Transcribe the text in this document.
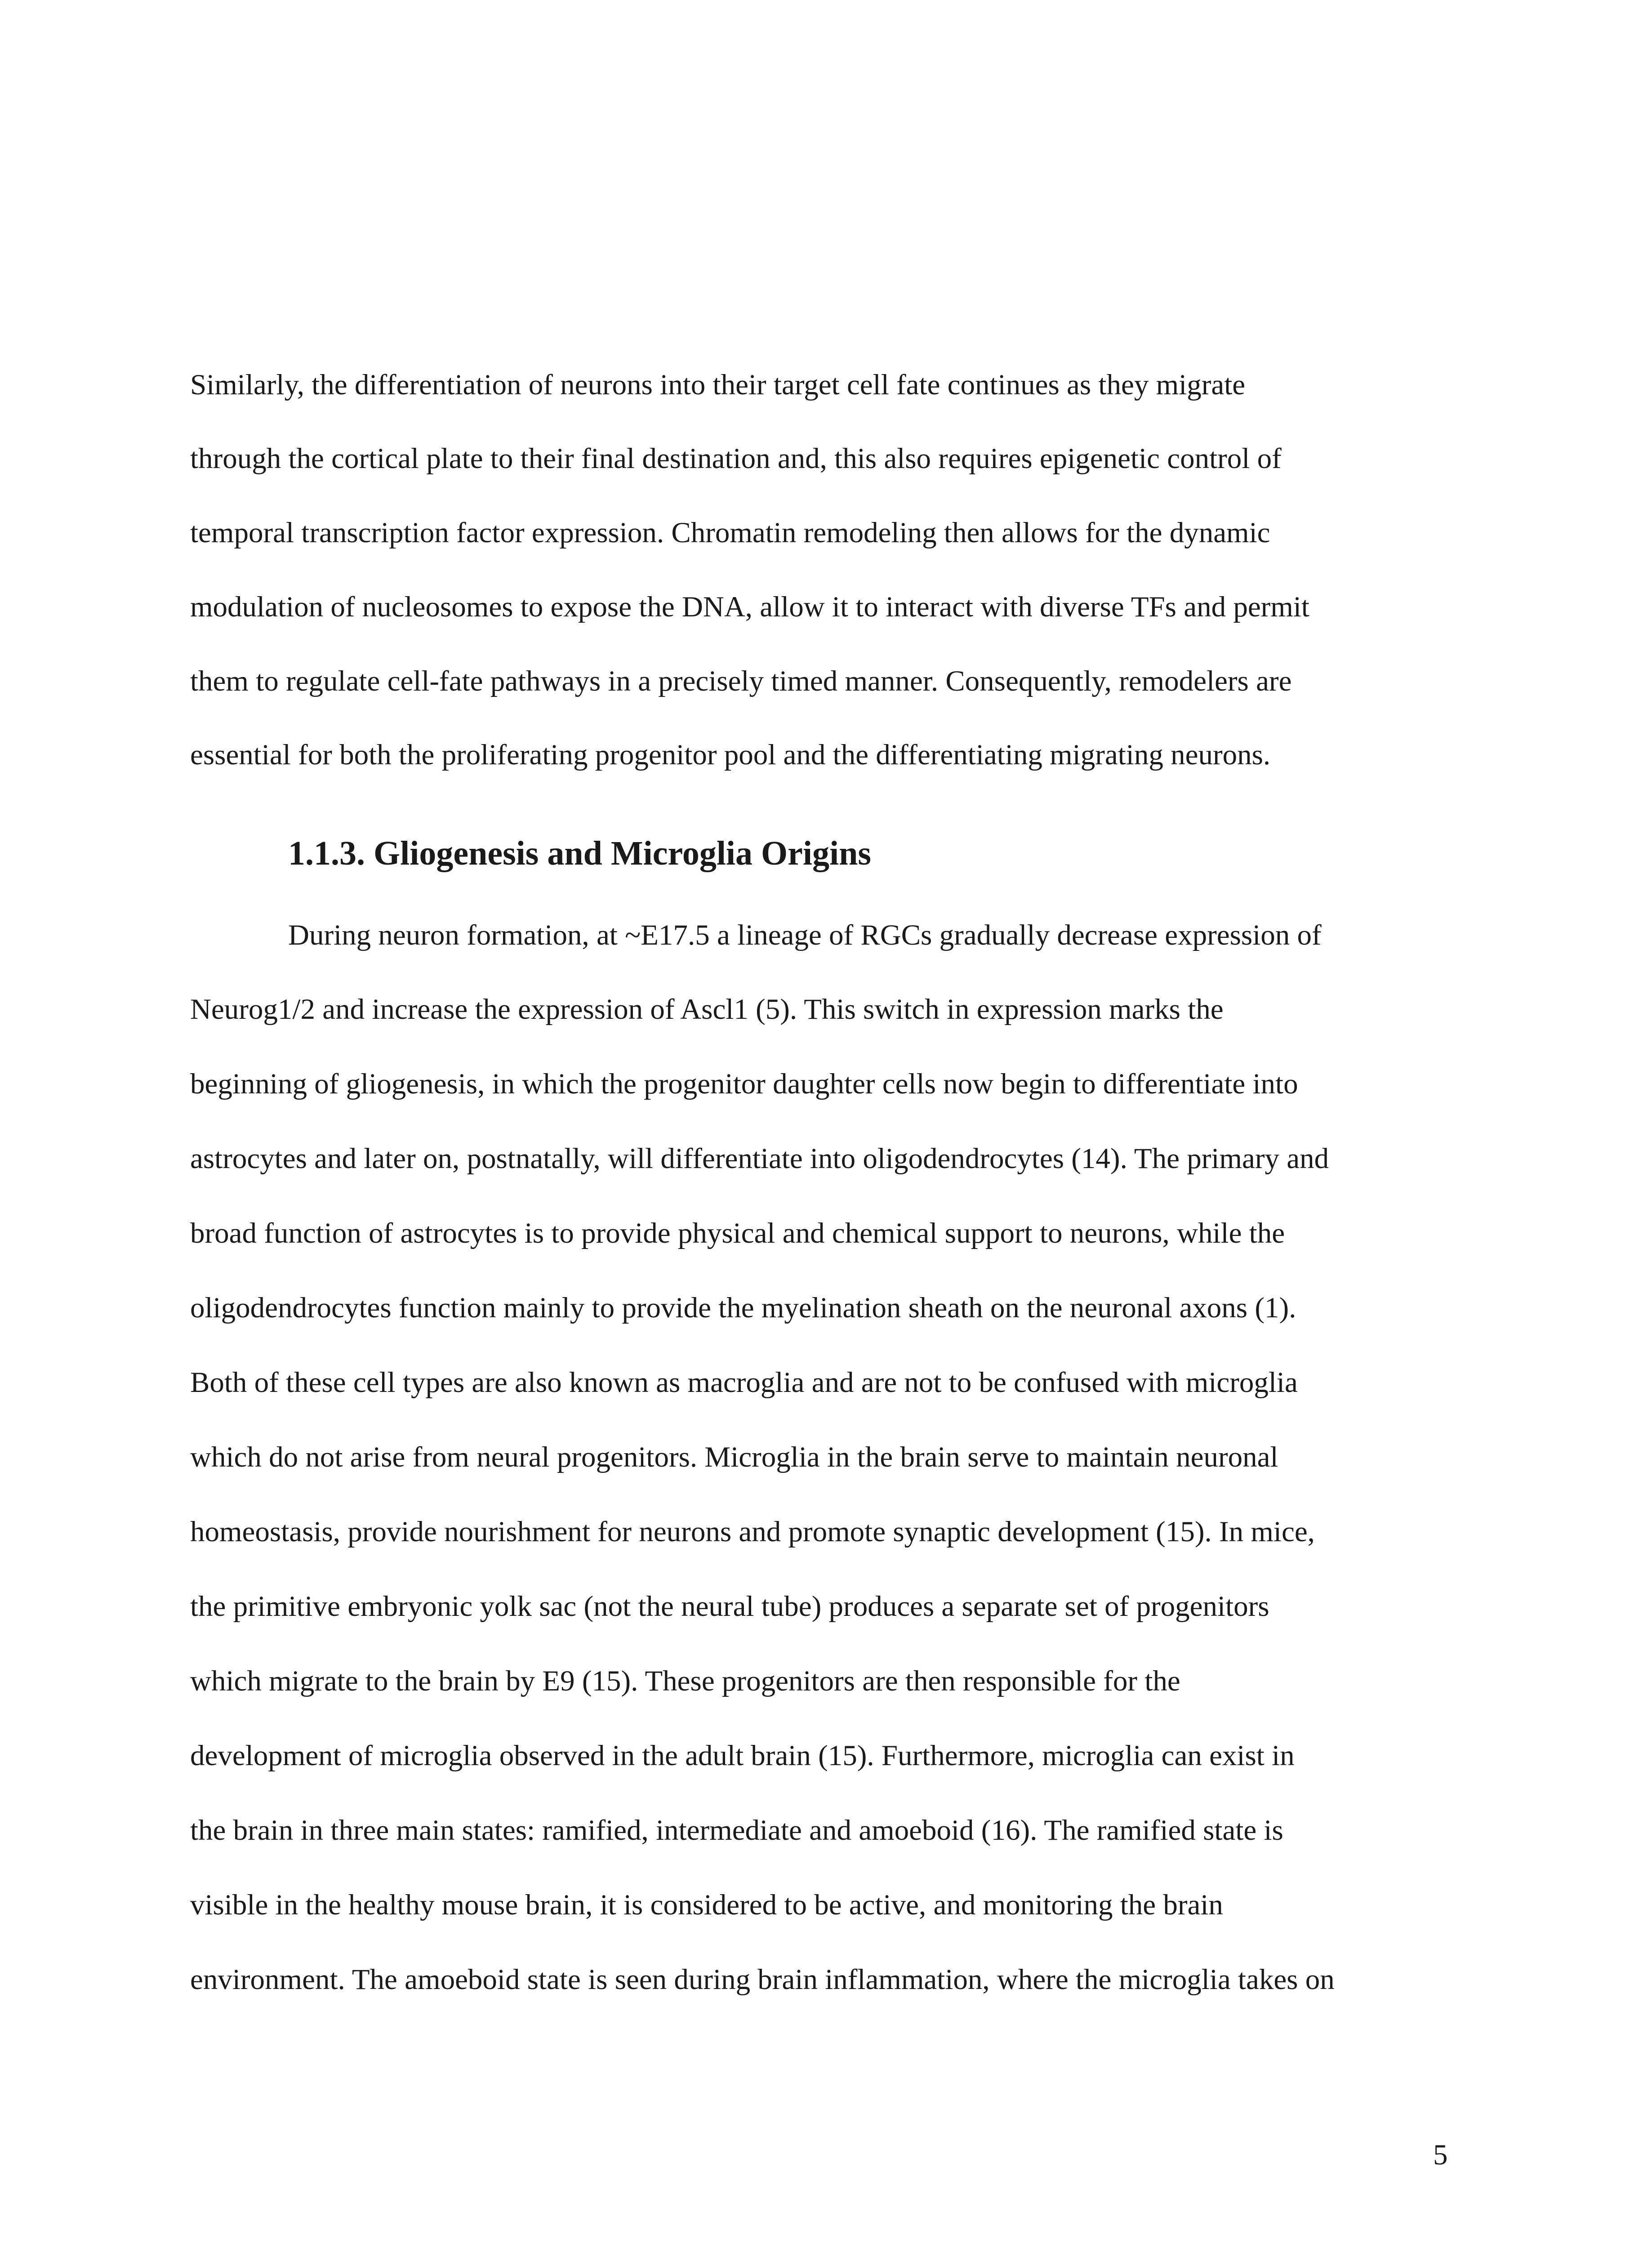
Similarly, the differentiation of neurons into their target cell fate continues as they migrate

through the cortical plate to their final destination and, this also requires epigenetic control of

temporal transcription factor expression. Chromatin remodeling then allows for the dynamic

modulation of nucleosomes to expose the DNA, allow it to interact with diverse TFs and permit

them to regulate cell-fate pathways in a precisely timed manner. Consequently, remodelers are

essential for both the proliferating progenitor pool and the differentiating migrating neurons.

1.1.3. Gliogenesis and Microglia Origins

During neuron formation, at ~E17.5 a lineage of RGCs gradually decrease expression of

Neurog1/2 and increase the expression of Ascl1 (5). This switch in expression marks the

beginning of gliogenesis, in which the progenitor daughter cells now begin to differentiate into

astrocytes and later on, postnatally, will differentiate into oligodendrocytes (14). The primary and

broad function of astrocytes is to provide physical and chemical support to neurons, while the

oligodendrocytes function mainly to provide the myelination sheath on the neuronal axons (1).

Both of these cell types are also known as macroglia and are not to be confused with microglia

which do not arise from neural progenitors. Microglia in the brain serve to maintain neuronal

homeostasis, provide nourishment for neurons and promote synaptic development (15). In mice,

the primitive embryonic yolk sac (not the neural tube) produces a separate set of progenitors

which migrate to the brain by E9 (15). These progenitors are then responsible for the

development of microglia observed in the adult brain (15). Furthermore, microglia can exist in

the brain in three main states: ramified, intermediate and amoeboid (16). The ramified state is

visible in the healthy mouse brain, it is considered to be active, and monitoring the brain

environment. The amoeboid state is seen during brain inflammation, where the microglia takes on

5
